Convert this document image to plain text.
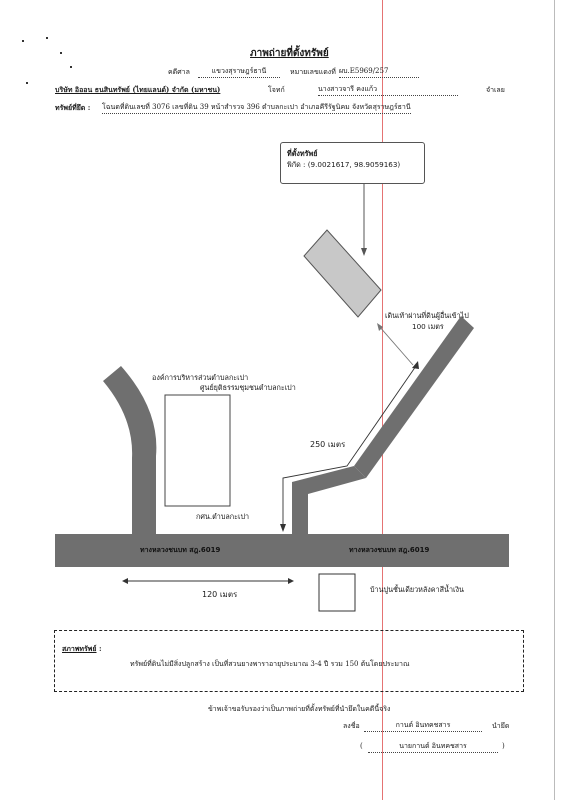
ภาพถ่ายที่ตั้งทรัพย์
คดีศาล	แขวงสุราษฎร์ธานี	หมายเลขแดงที่ ผบ.E5969/257
บริษัท อิออน ธนสินทรัพย์ (ไทยแลนด์) จำกัด (มหาชน)	โจทก์	นางสาวจารี คงแก้ว	จำเลย
ทรัพย์ที่ยึด : โฉนดที่ดินเลขที่ 3076 เลขที่ดิน 39 หน้าสำรวจ 396 ตำบลกะเปา อำเภอคีรีรัฐนิคม จังหวัดสุราษฎร์ธานี
ที่ตั้งทรัพย์
พิกัด : (9.0021617, 98.9059163)
เดินเท้าผ่านที่ดินผู้อื่นเข้าไป
100 เมตร
องค์การบริหารส่วนตำบลกะเปา
ศูนย์ยุติธรรมชุมชนตำบลกะเปา
กศน.ตำบลกะเปา
250 เมตร
ทางหลวงชนบท สฎ.6019	ทางหลวงชนบท สฎ.6019
120 เมตร
บ้านปูนชั้นเดียวหลังคาสีน้ำเงิน
สภาพทรัพย์ :
ทรัพย์ที่ดินไม่มีสิ่งปลูกสร้าง เป็นที่สวนยางพาราอายุประมาณ 3-4 ปี รวม 150 ต้นโดยประมาณ
ข้าพเจ้าขอรับรองว่าเป็นภาพถ่ายที่ตั้งทรัพย์ที่นำยึดในคดีนี้จริง
ลงชื่อ	กานต์ อินทคชสาร	นำยึด
(	นายกานต์ อินทคชสาร	)
